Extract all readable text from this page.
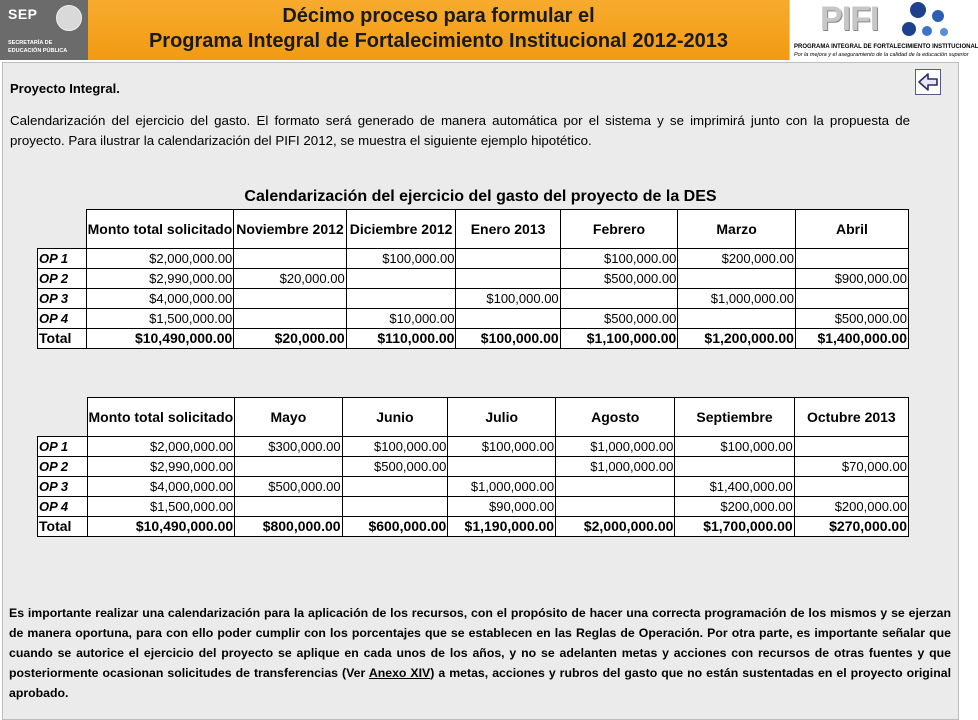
SEP
SECRETARÍA DE
EDUCACIÓN PÚBLICA
Décimo proceso para formular el
Programa Integral de Fortalecimiento Institucional 2012-2013
PIFI
PROGRAMA INTEGRAL DE FORTALECIMIENTO INSTITUCIONAL
Por la mejora y el aseguramiento de la calidad de la educación superior
Proyecto Integral.
Calendarización del ejercicio del gasto. El formato será generado de manera automática por el sistema y se imprimirá junto con la propuesta de proyecto. Para ilustrar la calendarización del PIFI 2012, se muestra el siguiente ejemplo hipotético.
Calendarización del ejercicio del gasto del proyecto de la DES
	Monto total solicitado	Noviembre 2012	Diciembre 2012	Enero 2013	Febrero	Marzo	Abril
OP 1	$2,000,000.00		$100,000.00		$100,000.00	$200,000.00	
OP 2	$2,990,000.00	$20,000.00			$500,000.00		$900,000.00
OP 3	$4,000,000.00			$100,000.00		$1,000,000.00	
OP 4	$1,500,000.00		$10,000.00		$500,000.00		$500,000.00
Total	$10,490,000.00	$20,000.00	$110,000.00	$100,000.00	$1,100,000.00	$1,200,000.00	$1,400,000.00
	Monto total solicitado	Mayo	Junio	Julio	Agosto	Septiembre	Octubre 2013
OP 1	$2,000,000.00	$300,000.00	$100,000.00	$100,000.00	$1,000,000.00	$100,000.00	
OP 2	$2,990,000.00		$500,000.00		$1,000,000.00		$70,000.00
OP 3	$4,000,000.00	$500,000.00		$1,000,000.00		$1,400,000.00	
OP 4	$1,500,000.00			$90,000.00		$200,000.00	$200,000.00
Total	$10,490,000.00	$800,000.00	$600,000.00	$1,190,000.00	$2,000,000.00	$1,700,000.00	$270,000.00
Es importante realizar una calendarización para la aplicación de los recursos, con el propósito de hacer una correcta programación de los mismos y se ejerzan de manera oportuna, para con ello poder cumplir con los porcentajes que se establecen en las Reglas de Operación. Por otra parte, es importante señalar que cuando se autorice el ejercicio del proyecto se aplique en cada unos de los años, y no se adelanten metas y acciones con recursos de otras fuentes y que posteriormente ocasionan solicitudes de transferencias (Ver Anexo XIV) a metas, acciones y rubros del gasto que no están sustentadas en el proyecto original aprobado.
